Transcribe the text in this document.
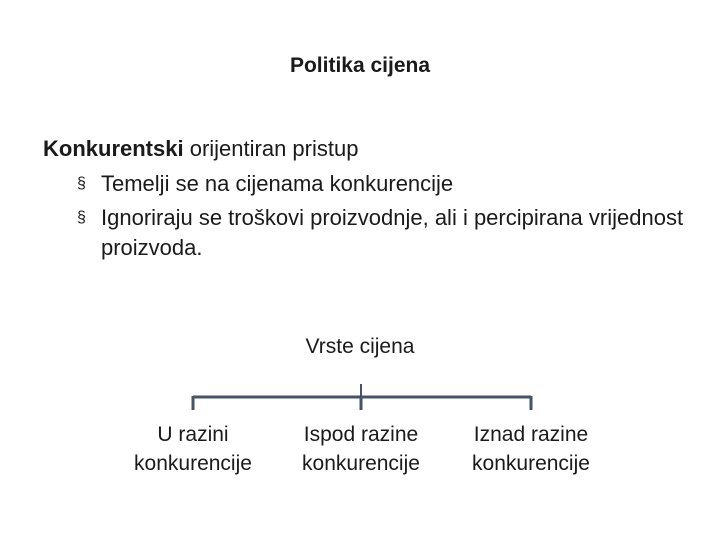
Politika cijena
Konkurentski orijentiran pristup
§ Temelji se na cijenama konkurencije
§ Ignoriraju se troškovi proizvodnje, ali i percipirana vrijednost proizvoda.
Vrste cijena
U razini
konkurencije
Ispod razine
konkurencije
Iznad razine
konkurencije
